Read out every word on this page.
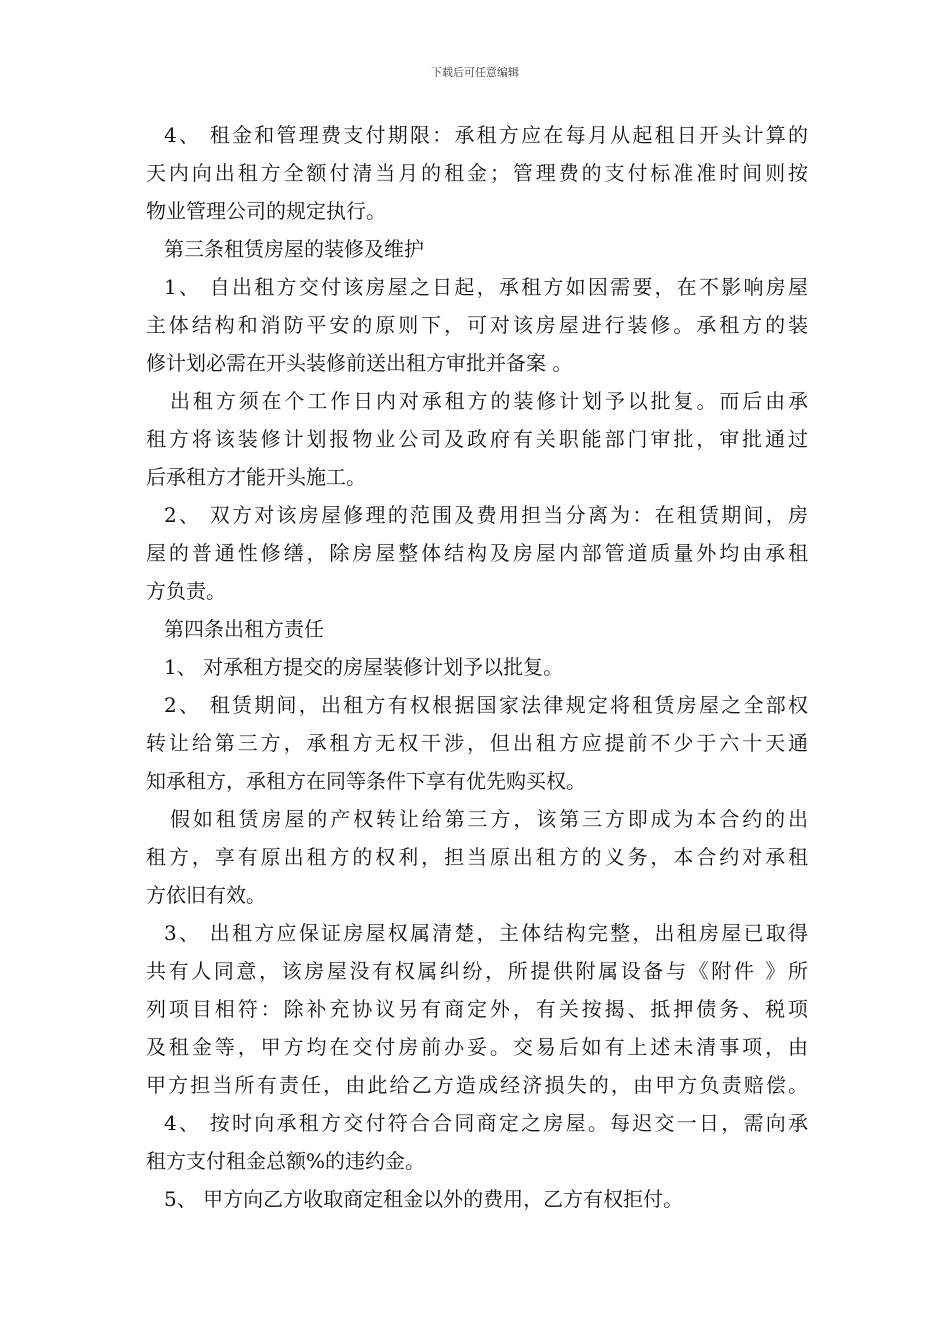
下载后可任意编辑
4、 租金和管理费支付期限：承租方应在每月从起租日开头计算的
天内向出租方全额付清当月的租金；管理费的支付标准准时间则按
物业管理公司的规定执行。
第三条租赁房屋的装修及维护
1、 自出租方交付该房屋之日起，承租方如因需要，在不影响房屋
主体结构和消防平安的原则下，可对该房屋进行装修。承租方的装
修计划必需在开头装修前送出租方审批并备案 。
出租方须在个工作日内对承租方的装修计划予以批复。而后由承
租方将该装修计划报物业公司及政府有关职能部门审批，审批通过
后承租方才能开头施工。
2、 双方对该房屋修理的范围及费用担当分离为：在租赁期间，房
屋的普通性修缮，除房屋整体结构及房屋内部管道质量外均由承租
方负责。
第四条出租方责任
1、 对承租方提交的房屋装修计划予以批复。
2、 租赁期间，出租方有权根据国家法律规定将租赁房屋之全部权
转让给第三方，承租方无权干涉，但出租方应提前不少于六十天通
知承租方，承租方在同等条件下享有优先购买权。
假如租赁房屋的产权转让给第三方，该第三方即成为本合约的出
租方，享有原出租方的权利，担当原出租方的义务，本合约对承租
方依旧有效。
3、 出租方应保证房屋权属清楚，主体结构完整，出租房屋已取得
共有人同意，该房屋没有权属纠纷，所提供附属设备与《附件 》所
列项目相符：除补充协议另有商定外，有关按揭、抵押债务、税项
及租金等，甲方均在交付房前办妥。交易后如有上述未清事项，由
甲方担当所有责任，由此给乙方造成经济损失的，由甲方负责赔偿。
4、 按时向承租方交付符合合同商定之房屋。每迟交一日，需向承
租方支付租金总额%的违约金。
5、 甲方向乙方收取商定租金以外的费用，乙方有权拒付。
